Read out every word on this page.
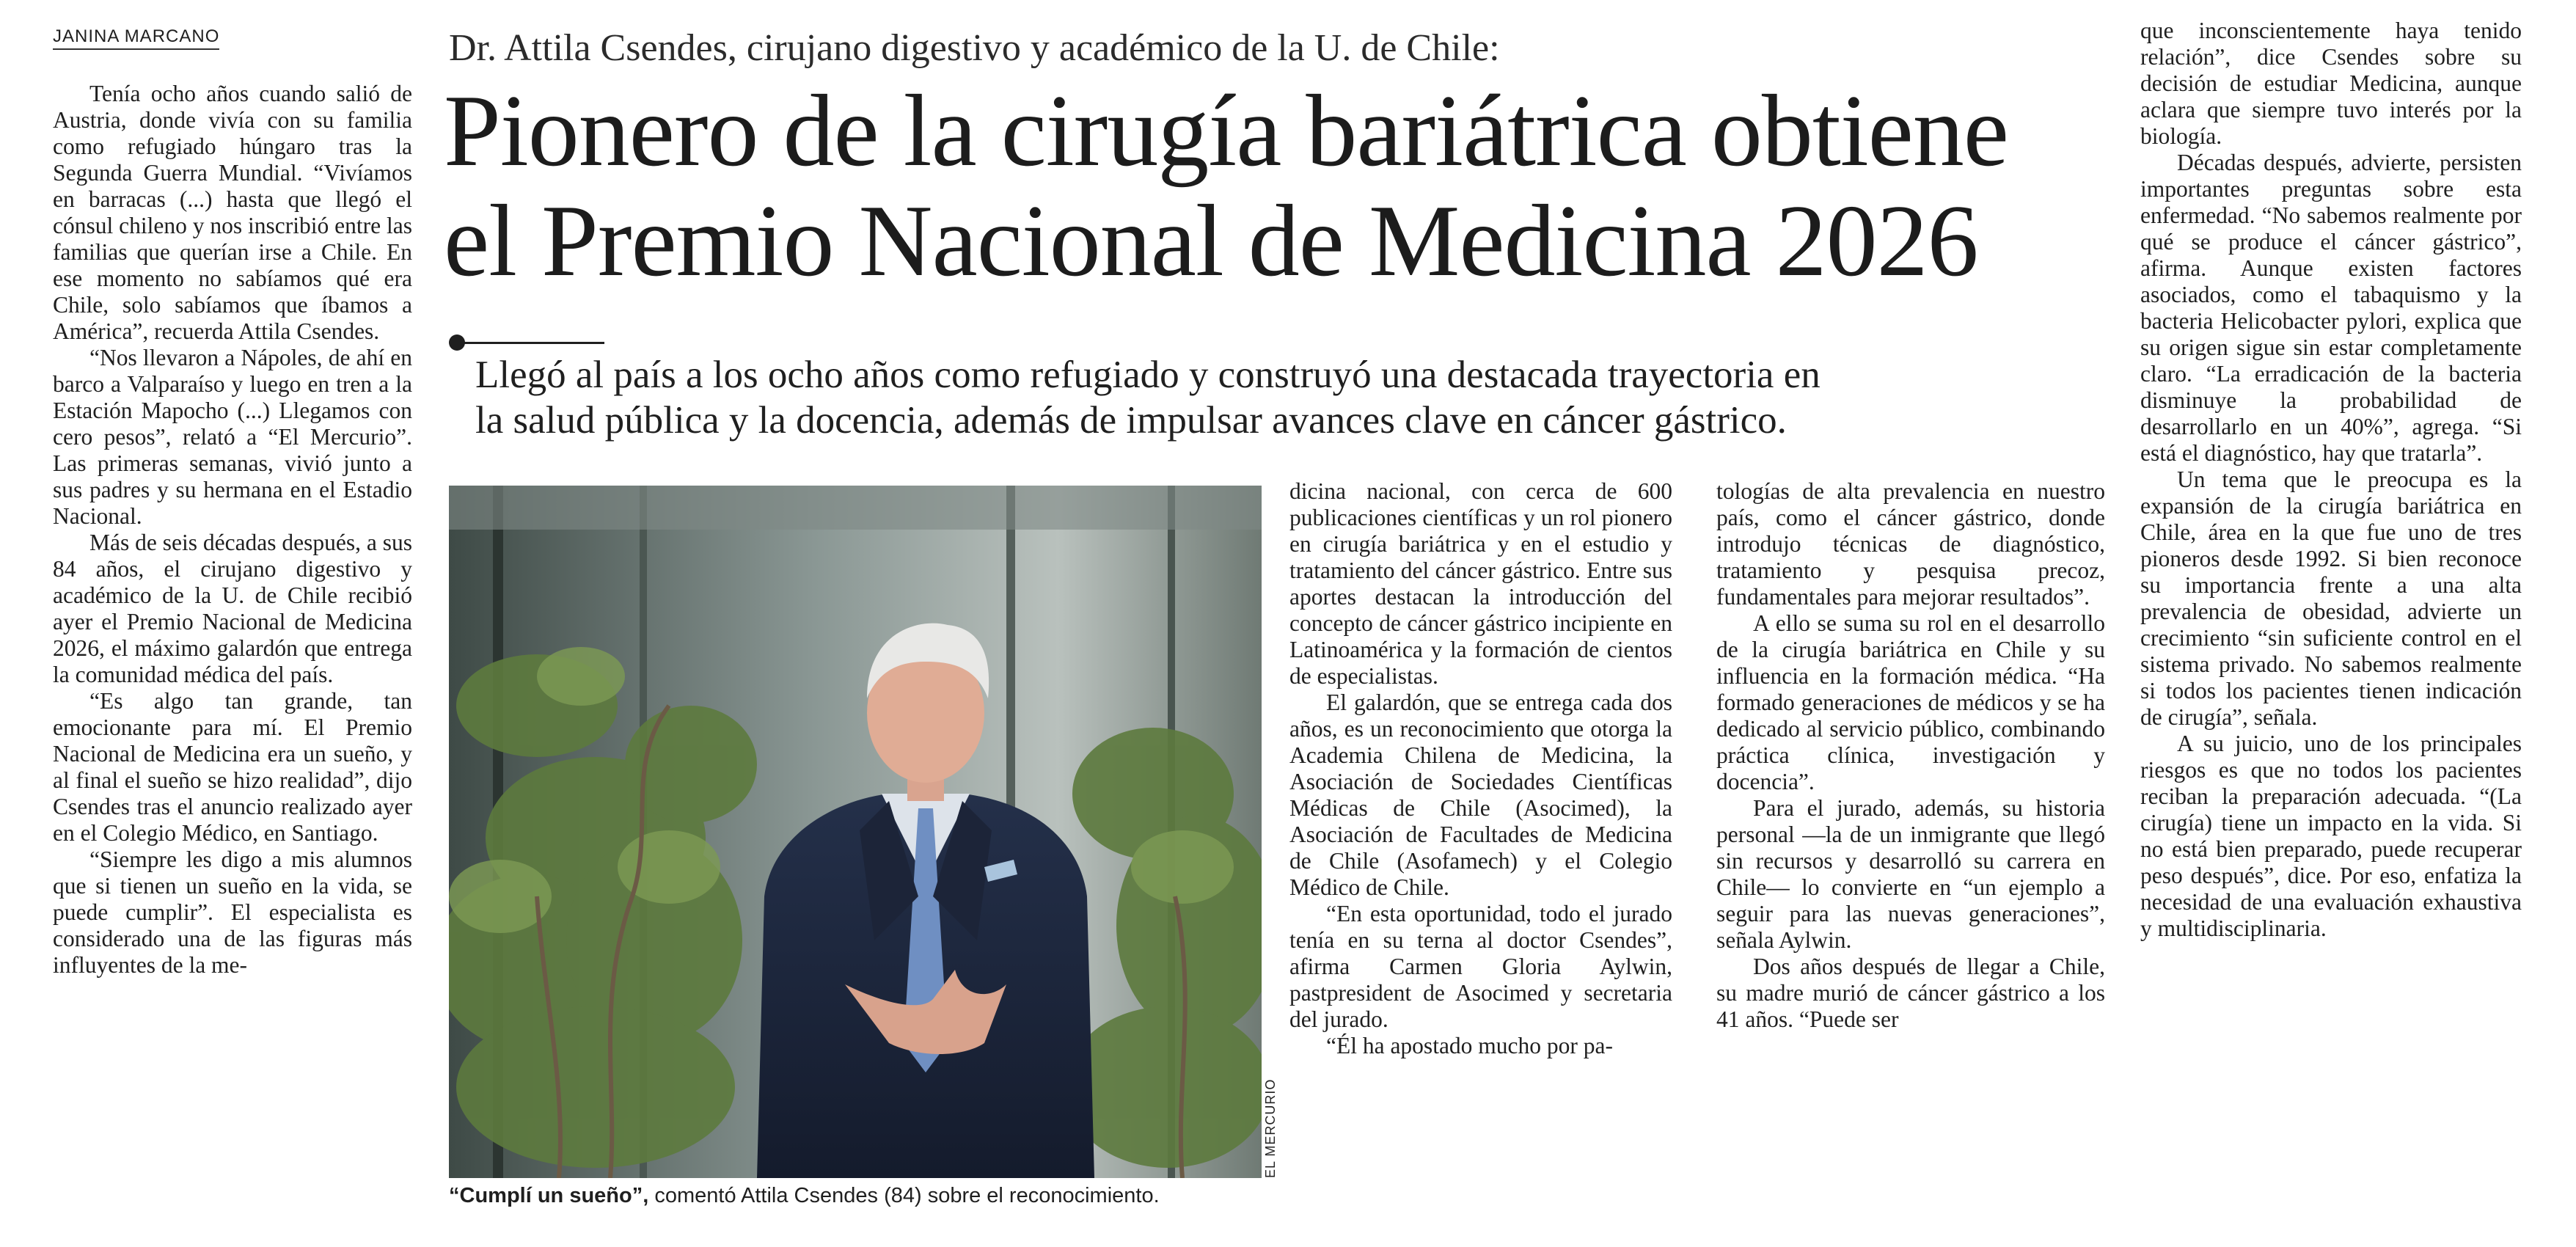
JANINA MARCANO	Dr. Attila Csendes, cirujano digestivo y académico de la U. de Chile:
Pionero de la cirugía bariátrica obtiene
el Premio Nacional de Medicina 2026
Llegó al país a los ocho años como refugiado y construyó una destacada trayectoria en
la salud pública y la docencia, además de impulsar avances clave en cáncer gástrico.

Tenía ocho años cuando salió de Austria, donde vivía con su familia como refugiado húngaro tras la Segunda Guerra Mundial. “Vivíamos en barracas (...) hasta que llegó el cónsul chileno y nos inscribió entre las familias que querían irse a Chile. En ese momento no sabíamos qué era Chile, solo sabíamos que íbamos a América”, recuerda Attila Csendes.

“Nos llevaron a Nápoles, de ahí en barco a Valparaíso y luego en tren a la Estación Mapocho (...) Llegamos con cero pesos”, relató a “El Mercurio”. Las primeras semanas, vivió junto a sus padres y su hermana en el Estadio Nacional.

Más de seis décadas después, a sus 84 años, el cirujano digestivo y académico de la U. de Chile recibió ayer el Premio Nacional de Medicina 2026, el máximo galardón que entrega la comunidad médica del país.

“Es algo tan grande, tan emocionante para mí. El Premio Nacional de Medicina era un sueño, y al final el sueño se hizo realidad”, dijo Csendes tras el anuncio realizado ayer en el Colegio Médico, en Santiago.

“Siempre les digo a mis alumnos que si tienen un sueño en la vida, se puede cumplir”. El especialista es considerado una de las figuras más influyentes de la me-

EL MERCURIO
“Cumplí un sueño”, comentó Attila Csendes (84) sobre el reconocimiento.

dicina nacional, con cerca de 600 publicaciones científicas y un rol pionero en cirugía bariátrica y en el estudio y tratamiento del cáncer gástrico. Entre sus aportes destacan la introducción del concepto de cáncer gástrico incipiente en Latinoamérica y la formación de cientos de especialistas.

El galardón, que se entrega cada dos años, es un reconocimiento que otorga la Academia Chilena de Medicina, la Asociación de Sociedades Científicas Médicas de Chile (Asocimed), la Asociación de Facultades de Medicina de Chile (Asofamech) y el Colegio Médico de Chile.

“En esta oportunidad, todo el jurado tenía en su terna al doctor Csendes”, afirma Carmen Gloria Aylwin, pastpresident de Asocimed y secretaria del jurado.

“Él ha apostado mucho por pa-

tologías de alta prevalencia en nuestro país, como el cáncer gástrico, donde introdujo técnicas de diagnóstico, tratamiento y pesquisa precoz, fundamentales para mejorar resultados”.

A ello se suma su rol en el desarrollo de la cirugía bariátrica en Chile y su influencia en la formación médica. “Ha formado generaciones de médicos y se ha dedicado al servicio público, combinando práctica clínica, investigación y docencia”.

Para el jurado, además, su historia personal —la de un inmigrante que llegó sin recursos y desarrolló su carrera en Chile— lo convierte en “un ejemplo a seguir para las nuevas generaciones”, señala Aylwin.

Dos años después de llegar a Chile, su madre murió de cáncer gástrico a los 41 años. “Puede ser

que inconscientemente haya tenido relación”, dice Csendes sobre su decisión de estudiar Medicina, aunque aclara que siempre tuvo interés por la biología.

Décadas después, advierte, persisten importantes preguntas sobre esta enfermedad. “No sabemos realmente por qué se produce el cáncer gástrico”, afirma. Aunque existen factores asociados, como el tabaquismo y la bacteria Helicobacter pylori, explica que su origen sigue sin estar completamente claro. “La erradicación de la bacteria disminuye la probabilidad de desarrollarlo en un 40%”, agrega. “Si está el diagnóstico, hay que tratarla”.

Un tema que le preocupa es la expansión de la cirugía bariátrica en Chile, área en la que fue uno de tres pioneros desde 1992. Si bien reconoce su importancia frente a una alta prevalencia de obesidad, advierte un crecimiento “sin suficiente control en el sistema privado. No sabemos realmente si todos los pacientes tienen indicación de cirugía”, señala.

A su juicio, uno de los principales riesgos es que no todos los pacientes reciban la preparación adecuada. “(La cirugía) tiene un impacto en la vida. Si no está bien preparado, puede recuperar peso después”, dice. Por eso, enfatiza la necesidad de una evaluación exhaustiva y multidisciplinaria.
